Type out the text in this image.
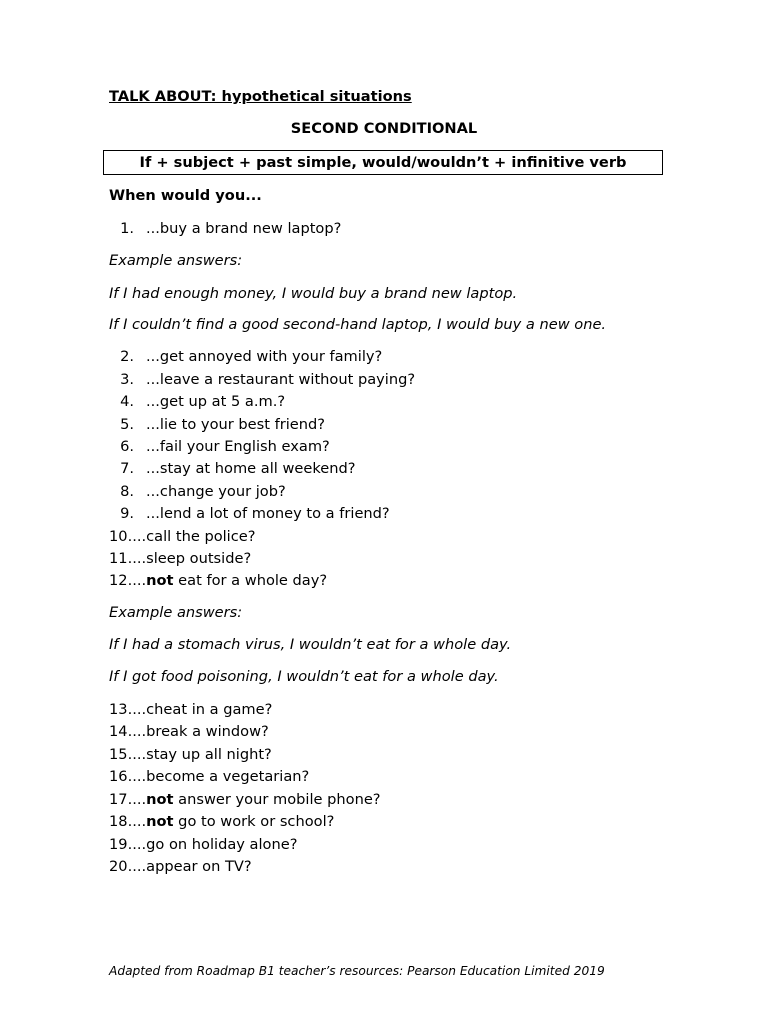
TALK ABOUT: hypothetical situations
SECOND CONDITIONAL
If + subject + past simple, would/wouldn’t + infinitive verb
When would you...
1. ...buy a brand new laptop?
Example answers:
If I had enough money, I would buy a brand new laptop.
If I couldn’t find a good second-hand laptop, I would buy a new one.
2. ...get annoyed with your family?
3. ...leave a restaurant without paying?
4. ...get up at 5 a.m.?
5. ...lie to your best friend?
6. ...fail your English exam?
7. ...stay at home all weekend?
8. ...change your job?
9. ...lend a lot of money to a friend?
10....call the police?
11....sleep outside?
12....not eat for a whole day?
Example answers:
If I had a stomach virus, I wouldn’t eat for a whole day.
If I got food poisoning, I wouldn’t eat for a whole day.
13....cheat in a game?
14....break a window?
15....stay up all night?
16....become a vegetarian?
17....not answer your mobile phone?
18....not go to work or school?
19....go on holiday alone?
20....appear on TV?
Adapted from Roadmap B1 teacher’s resources: Pearson Education Limited 2019
